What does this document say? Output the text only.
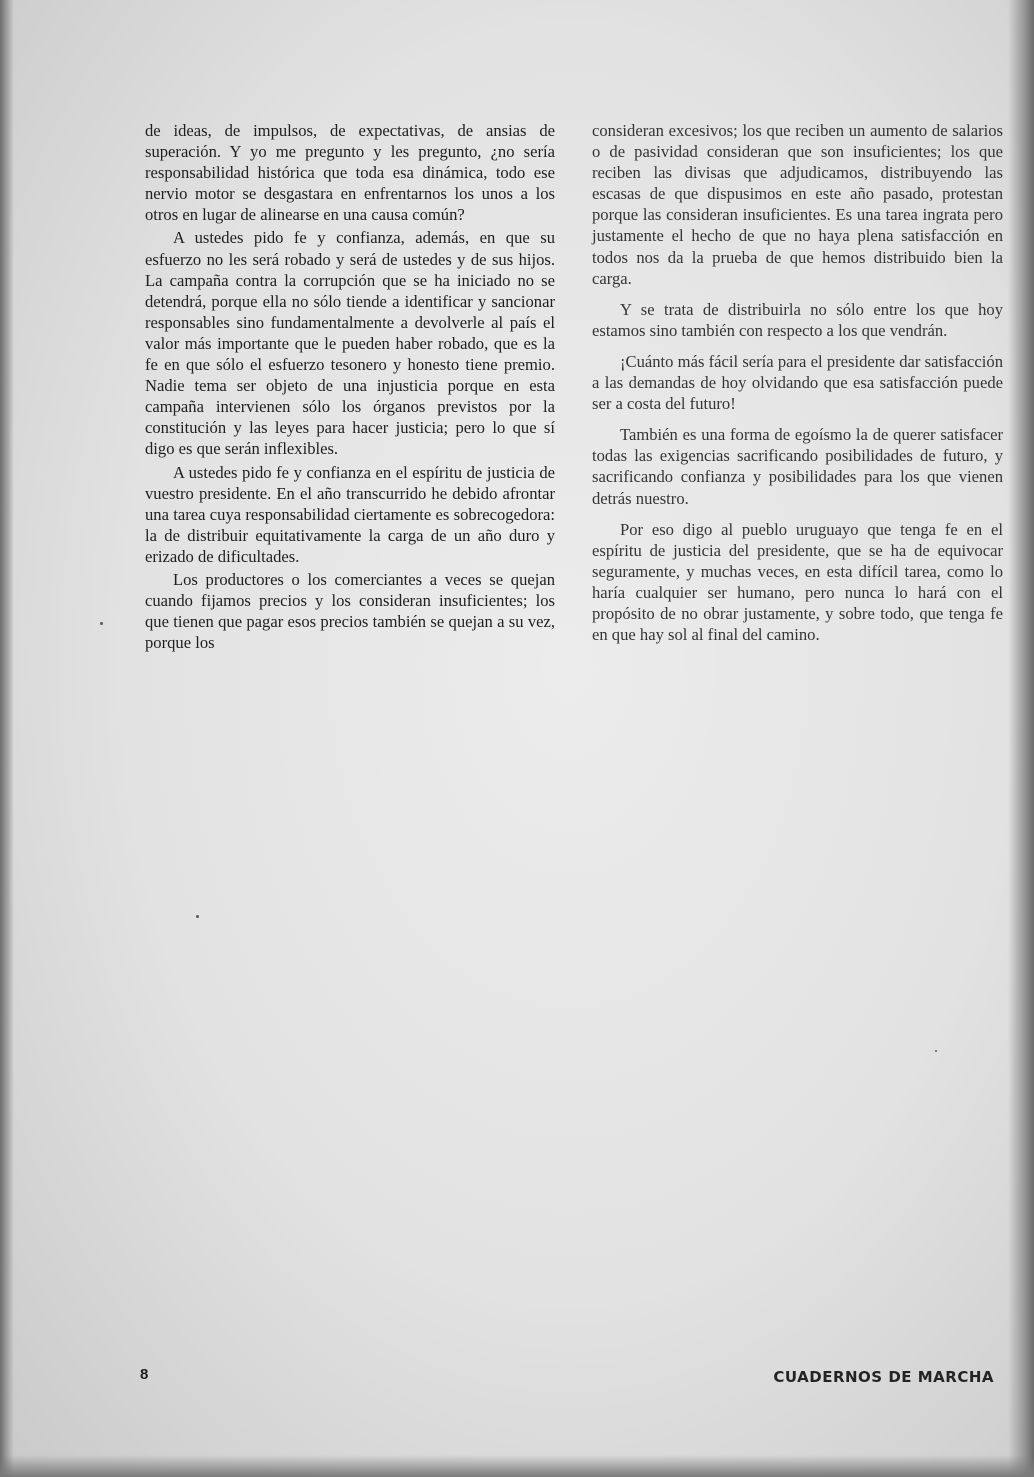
de ideas, de impulsos, de expectativas, de ansias de superación. Y yo me pregunto y les pregunto, ¿no sería responsabilidad histórica que toda esa dinámica, todo ese nervio motor se desgastara en enfrentarnos los unos a los otros en lugar de alinearse en una causa común?

A ustedes pido fe y confianza, además, en que su esfuerzo no les será robado y será de ustedes y de sus hijos. La campaña contra la corrupción que se ha iniciado no se detendrá, porque ella no sólo tiende a identificar y sancionar responsables sino fundamentalmente a devolverle al país el valor más importante que le pueden haber robado, que es la fe en que sólo el esfuerzo tesonero y honesto tiene premio. Nadie tema ser objeto de una injusticia porque en esta campaña intervienen sólo los órganos previstos por la constitución y las leyes para hacer justicia; pero lo que sí digo es que serán inflexibles.

A ustedes pido fe y confianza en el espíritu de justicia de vuestro presidente. En el año transcurrido he debido afrontar una tarea cuya responsabilidad ciertamente es sobrecogedora: la de distribuir equitativamente la carga de un año duro y erizado de dificultades.

Los productores o los comerciantes a veces se quejan cuando fijamos precios y los consideran insuficientes; los que tienen que pagar esos precios también se quejan a su vez, porque los

consideran excesivos; los que reciben un aumento de salarios o de pasividad consideran que son insuficientes; los que reciben las divisas que adjudicamos, distribuyendo las escasas de que dispusimos en este año pasado, protestan porque las consideran insuficientes. Es una tarea ingrata pero justamente el hecho de que no haya plena satisfacción en todos nos da la prueba de que hemos distribuido bien la carga.

Y se trata de distribuirla no sólo entre los que hoy estamos sino también con respecto a los que vendrán.

¡Cuánto más fácil sería para el presidente dar satisfacción a las demandas de hoy olvidando que esa satisfacción puede ser a costa del futuro!

También es una forma de egoísmo la de querer satisfacer todas las exigencias sacrificando posibilidades de futuro, y sacrificando confianza y posibilidades para los que vienen detrás nuestro.

Por eso digo al pueblo uruguayo que tenga fe en el espíritu de justicia del presidente, que se ha de equivocar seguramente, y muchas veces, en esta difícil tarea, como lo haría cualquier ser humano, pero nunca lo hará con el propósito de no obrar justamente, y sobre todo, que tenga fe en que hay sol al final del camino.

8	CUADERNOS DE MARCHA
